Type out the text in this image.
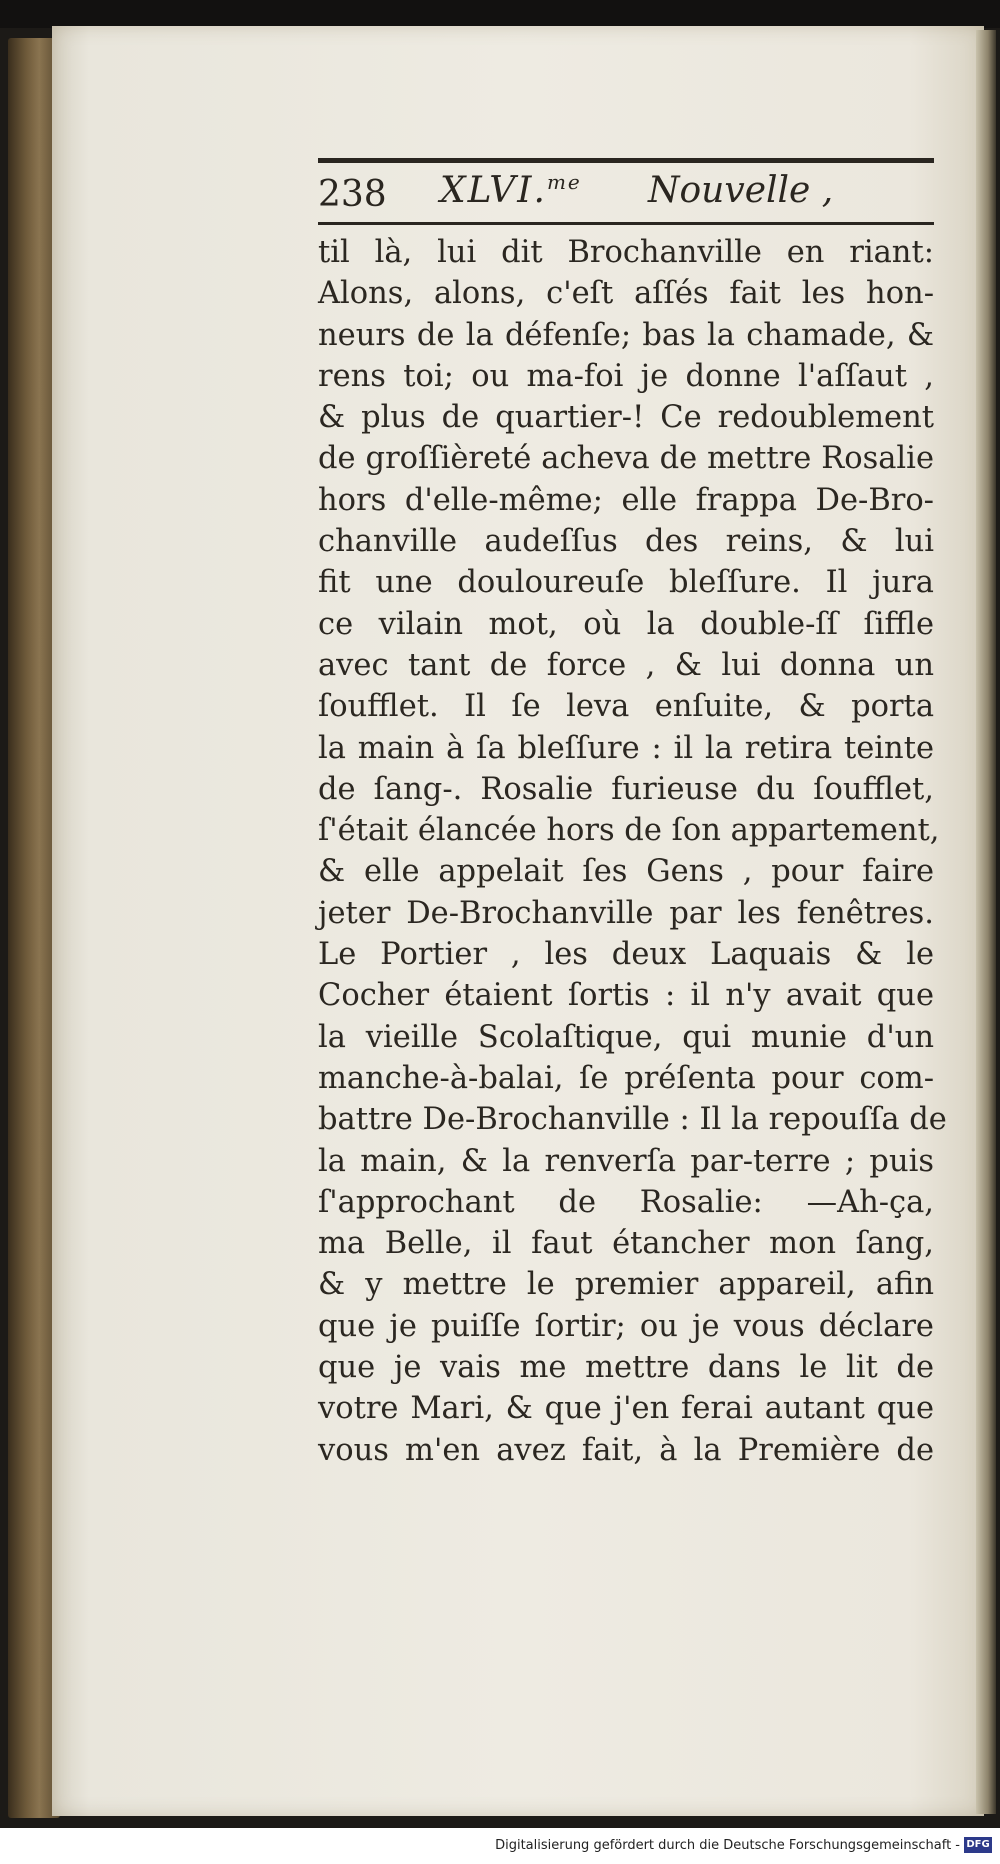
238 XLVI.$^{me}$ Nouvelle ,
til là, lui dit Brochanville en riant:
Alons, alons, c'eſt aſſés fait les hon-
neurs de la défenſe; bas la chamade, &
rens toi; ou ma-foi je donne l'aſſaut ,
& plus de quartier-! Ce redoublement
de groſſièreté acheva de mettre Rosalie
hors d'elle-même; elle frappa De-Bro-
chanville audeſſus des reins, & lui
fit une douloureuſe bleſſure. Il jura
ce vilain mot, où la double-ſſ ſiffle
avec tant de force , & lui donna un
ſoufflet. Il ſe leva enſuite, & porta
la main à ſa bleſſure : il la retira teinte
de ſang-. Rosalie furieuse du ſoufflet,
ſ'était élancée hors de ſon appartement,
& elle appelait ſes Gens , pour faire
jeter De-Brochanville par les fenêtres.
Le Portier , les deux Laquais & le
Cocher étaient ſortis : il n'y avait que
la vieille Scolaſtique, qui munie d'un
manche-à-balai, ſe préſenta pour com-
battre De-Brochanville : Il la repouſſa de
la main, & la renverſa par-terre ; puis
ſ'approchant de Rosalie: —Ah-ça,
ma Belle, il faut étancher mon ſang,
& y mettre le premier appareil, afin
que je puiſſe ſortir; ou je vous déclare
que je vais me mettre dans le lit de
votre Mari, & que j'en ferai autant que
vous m'en avez fait, à la Première de
Digitalisierung gefördert durch die Deutsche Forschungsgemeinschaft - DFG
